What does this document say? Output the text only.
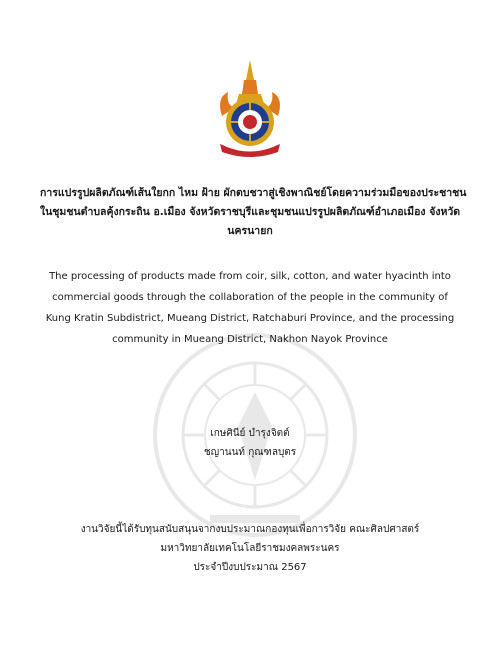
การแปรรูปผลิตภัณฑ์เส้นใยกก ไหม ฝ้าย ผักตบชวาสู่เชิงพาณิชย์โดยความร่วมมือของประชาชน
ในชุมชนตำบลคุ้งกระถิน อ.เมือง จังหวัดราชบุรีและชุมชนแปรรูปผลิตภัณฑ์อำเภอเมือง จังหวัด
นครนายก
The processing of products made from coir, silk, cotton, and water hyacinth into
commercial goods through the collaboration of the people in the community of
Kung Kratin Subdistrict, Mueang District, Ratchaburi Province, and the processing
community in Mueang District, Nakhon Nayok Province
เกษศินีย์ บำรุงจิตต์
ชญานนท์ กุณฑลบุตร
งานวิจัยนี้ได้รับทุนสนับสนุนจากงบประมาณกองทุนเพื่อการวิจัย คณะศิลปศาสตร์
มหาวิทยาลัยเทคโนโลยีราชมงคลพระนคร
ประจำปีงบประมาณ 2567
